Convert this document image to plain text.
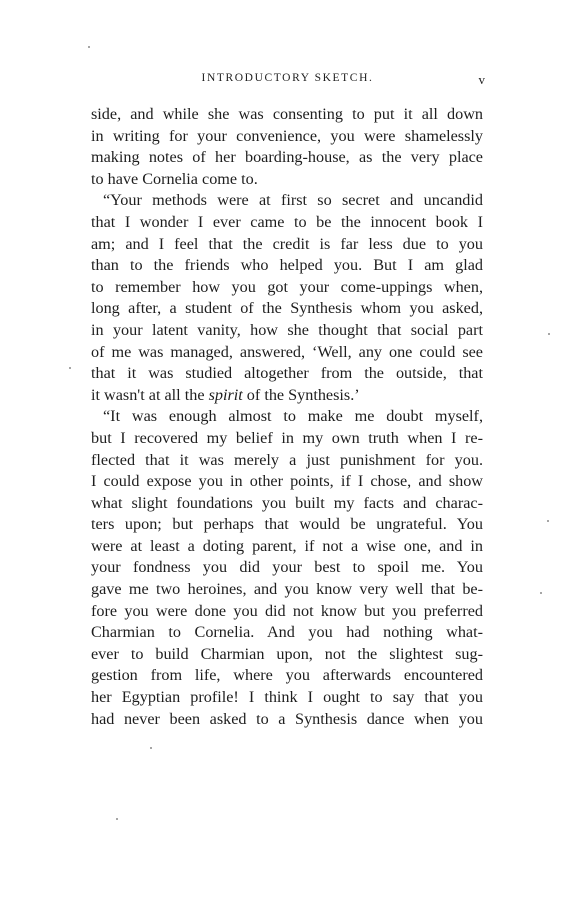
INTRODUCTORY SKETCH.	v
side, and while she was consenting to put it all down
in writing for your convenience, you were shamelessly
making notes of her boarding-house, as the very place
to have Cornelia come to.
“Your methods were at first so secret and uncandid
that I wonder I ever came to be the innocent book I
am; and I feel that the credit is far less due to you
than to the friends who helped you. But I am glad
to remember how you got your come-uppings when,
long after, a student of the Synthesis whom you asked,
in your latent vanity, how she thought that social part
of me was managed, answered, ‘Well, any one could see
that it was studied altogether from the outside, that
it wasn't at all the spirit of the Synthesis.’
“It was enough almost to make me doubt myself,
but I recovered my belief in my own truth when I re-
flected that it was merely a just punishment for you.
I could expose you in other points, if I chose, and show
what slight foundations you built my facts and charac-
ters upon; but perhaps that would be ungrateful. You
were at least a doting parent, if not a wise one, and in
your fondness you did your best to spoil me. You
gave me two heroines, and you know very well that be-
fore you were done you did not know but you preferred
Charmian to Cornelia. And you had nothing what-
ever to build Charmian upon, not the slightest sug-
gestion from life, where you afterwards encountered
her Egyptian profile! I think I ought to say that you
had never been asked to a Synthesis dance when you
